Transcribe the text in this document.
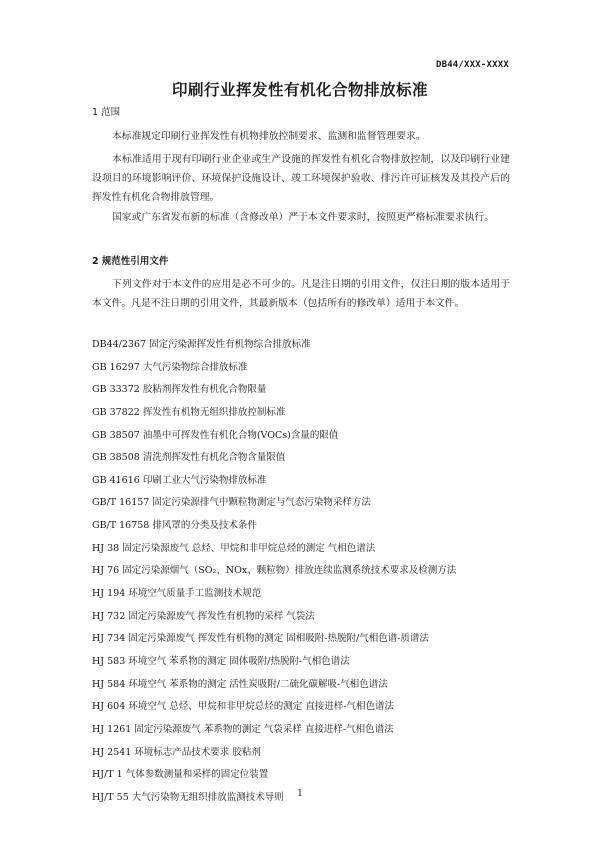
DB44/XXX-XXXX
印刷行业挥发性有机化合物排放标准
1 范围

本标准规定印刷行业挥发性有机物排放控制要求、监测和监督管理要求。

本标准适用于现有印刷行业企业或生产设施的挥发性有机化合物排放控制，以及印刷行业建设项目的环境影响评价、环境保护设施设计、竣工环境保护验收、排污许可证核发及其投产后的挥发性有机化合物排放管理。

国家或广东省发布新的标准（含修改单）严于本文件要求时，按照更严格标准要求执行。

2 规范性引用文件

下列文件对于本文件的应用是必不可少的。凡是注日期的引用文件，仅注日期的版本适用于本文件。凡是不注日期的引用文件，其最新版本（包括所有的修改单）适用于本文件。

DB44/2367 固定污染源挥发性有机物综合排放标准
GB 16297 大气污染物综合排放标准
GB 33372 胶粘剂挥发性有机化合物限量
GB 37822 挥发性有机物无组织排放控制标准
GB 38507 油墨中可挥发性有机化合物(VOCs)含量的限值
GB 38508 清洗剂挥发性有机化合物含量限值
GB 41616 印刷工业大气污染物排放标准
GB/T 16157 固定污染源排气中颗粒物测定与气态污染物采样方法
GB/T 16758 排风罩的分类及技术条件
HJ 38 固定污染源废气 总烃、甲烷和非甲烷总烃的测定 气相色谱法
HJ 76 固定污染源烟气（SO₂、NOx、颗粒物）排放连续监测系统技术要求及检测方法
HJ 194 环境空气质量手工监测技术规范
HJ 732 固定污染源废气 挥发性有机物的采样 气袋法
HJ 734 固定污染源废气 挥发性有机物的测定 固相吸附-热脱附/气相色谱-质谱法
HJ 583 环境空气 苯系物的测定 固体吸附/热脱附-气相色谱法
HJ 584 环境空气 苯系物的测定 活性炭吸附/二硫化碳解吸-气相色谱法
HJ 604 环境空气 总烃、甲烷和非甲烷总烃的测定 直接进样-气相色谱法
HJ 1261 固定污染源废气 苯系物的测定 气袋采样 直接进样-气相色谱法
HJ 2541 环境标志产品技术要求 胶粘剂
HJ/T 1 气体参数测量和采样的固定位装置
HJ/T 55 大气污染物无组织排放监测技术导则	1
